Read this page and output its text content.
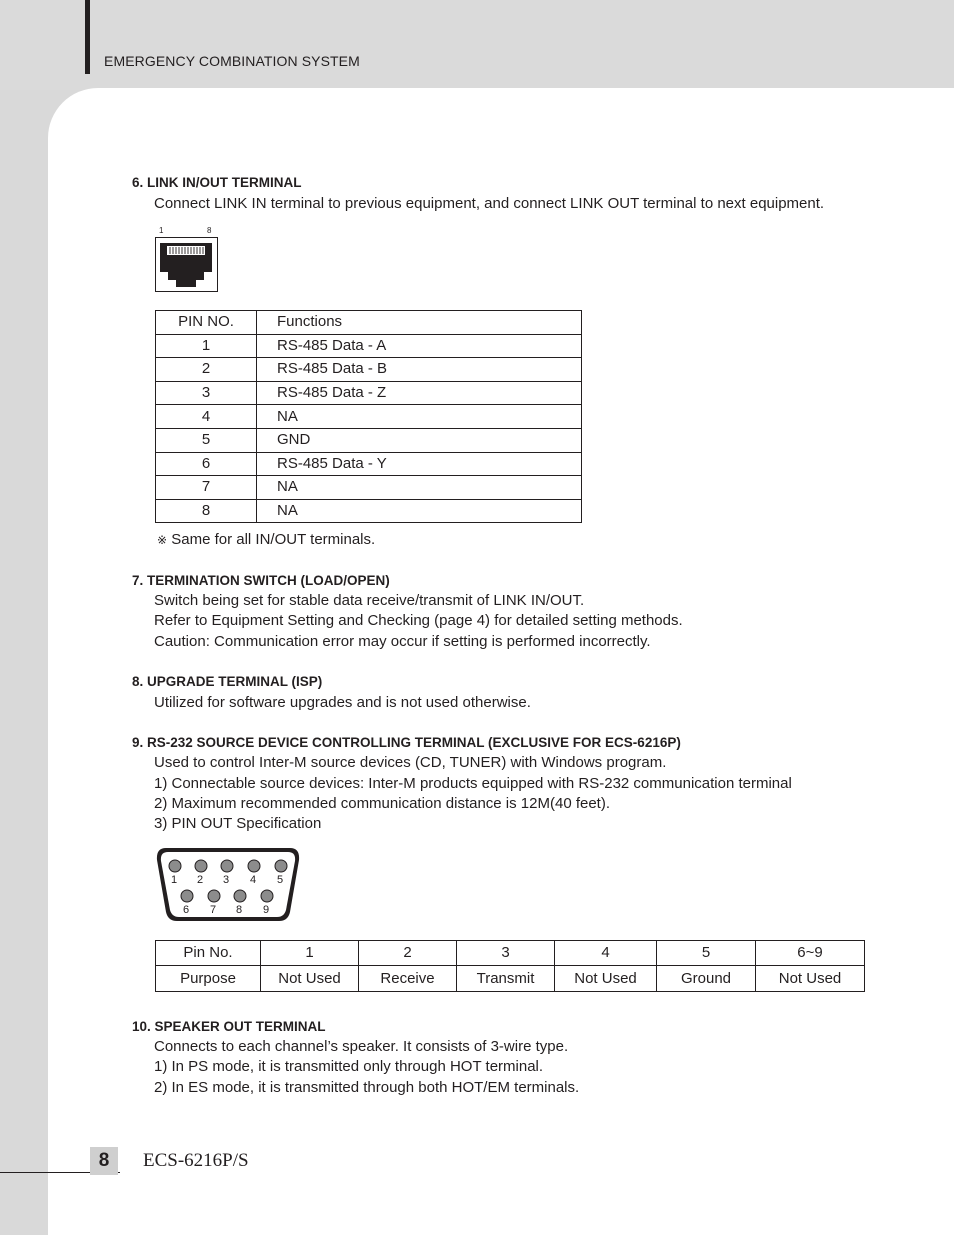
EMERGENCY COMBINATION SYSTEM
6. LINK IN/OUT TERMINAL
Connect LINK IN terminal to previous equipment, and connect LINK OUT terminal to next equipment.
1	8
PIN NO.	Functions
1	RS-485 Data - A
2	RS-485 Data - B
3	RS-485 Data - Z
4	NA
5	GND
6	RS-485 Data - Y
7	NA
8	NA
※ Same for all IN/OUT terminals.
7. TERMINATION SWITCH (LOAD/OPEN)
Switch being set for stable data receive/transmit of LINK IN/OUT.
Refer to Equipment Setting and Checking (page 4) for detailed setting methods.
Caution: Communication error may occur if setting is performed incorrectly.
8. UPGRADE TERMINAL (ISP)
Utilized for software upgrades and is not used otherwise.
9. RS-232 SOURCE DEVICE CONTROLLING TERMINAL (EXCLUSIVE FOR ECS-6216P)
Used to control Inter-M source devices (CD, TUNER) with Windows program.
1) Connectable source devices: Inter-M products equipped with RS-232 communication terminal
2) Maximum recommended communication distance is 12M(40 feet).
3) PIN OUT Specification
1 2 3 4 5
6 7 8 9
Pin No.	1	2	3	4	5	6~9
Purpose	Not Used	Receive	Transmit	Not Used	Ground	Not Used
10. SPEAKER OUT TERMINAL
Connects to each channel’s speaker. It consists of 3-wire type.
1) In PS mode, it is transmitted only through HOT terminal.
2) In ES mode, it is transmitted through both HOT/EM terminals.
8	ECS-6216P/S
